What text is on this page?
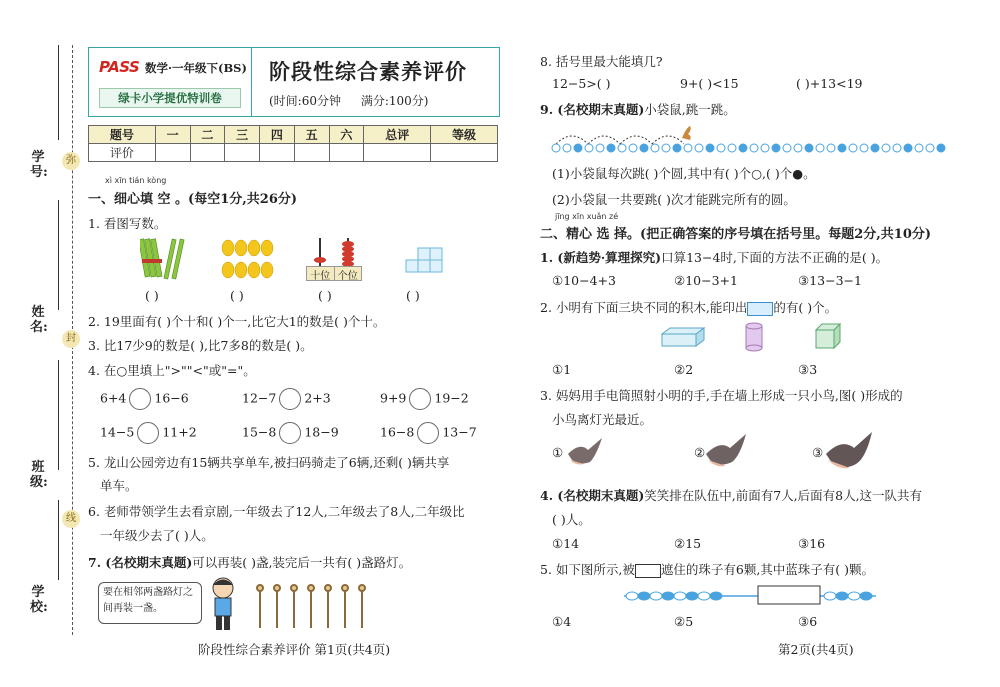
学号:
姓名:
班级:
学校:
弥
封
线
PASS 数学·一年级下(BS)
绿卡小学提优特训卷
阶段性综合素养评价
(时间:60分钟 满分:100分)
题号	一	二	三	四	五	六	总评	等级
评价								
xì xīn tián kòng
一、细心填 空 。(每空1分,共26分)
1. 看图写数。
十位 个位
( )	( )	( )	( )
2. 19里面有( )个十和( )个一,比它大1的数是( )个十。
3. 比17少9的数是( ),比7多8的数是( )。
4. 在○里填上">""<"或"="。
6+4 16−6	12−7 2+3	9+9 19−2
14−5 11+2	15−8 18−9	16−8 13−7
5. 龙山公园旁边有15辆共享单车,被扫码骑走了6辆,还剩( )辆共享
单车。
6. 老师带领学生去看京剧,一年级去了12人,二年级去了8人,二年级比
一年级少去了( )人。
7. (名校期末真题)可以再装( )盏,装完后一共有( )盏路灯。
要在相邻两盏路灯之间再装一盏。
阶段性综合素养评价 第1页(共4页)
8. 括号里最大能填几?
12−5>( )	9+( )<15	( )+13<19
9. (名校期末真题)小袋鼠,跳一跳。
(1)小袋鼠每次跳( )个圆,其中有( )个○,( )个●。
(2)小袋鼠一共要跳( )次才能跳完所有的圆。
jīng xīn xuǎn zé
二、精心 选 择。(把正确答案的序号填在括号里。每题2分,共10分)
1. (新趋势·算理探究)口算13−4时,下面的方法不正确的是( )。
①10−4+3	②10−3+1	③13−3−1
2. 小明有下面三块不同的积木,能印出 的有( )个。
①1	②2	③3
3. 妈妈用手电筒照射小明的手,手在墙上形成一只小鸟,图( )形成的
小鸟离灯光最近。
①	②	③
4. (名校期末真题)笑笑排在队伍中,前面有7人,后面有8人,这一队共有
( )人。
①14	②15	③16
5. 如下图所示,被 遮住的珠子有6颗,其中蓝珠子有( )颗。
①4	②5	③6
第2页(共4页)
